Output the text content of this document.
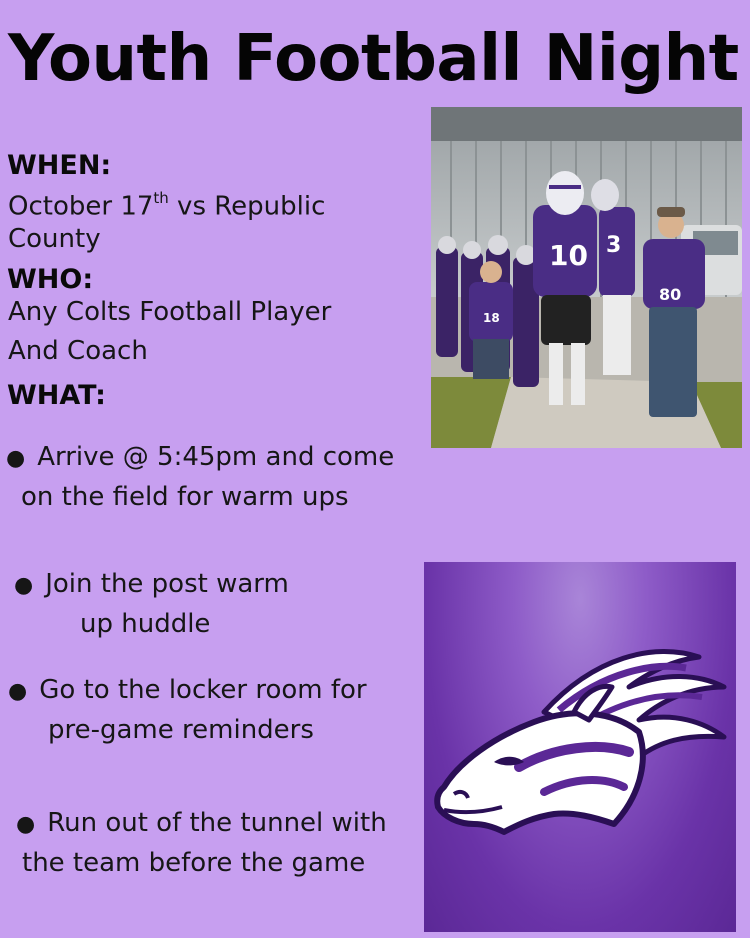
Youth Football Night
WHEN:
October 17th vs Republic
County
WHO:
Any Colts Football Player
And Coach
WHAT:
● Arrive @ 5:45pm and come
on the field for warm ups
● Join the post warm
up huddle
● Go to the locker room for
pre-game reminders
● Run out of the tunnel with
the team before the game
10 3
80
18
